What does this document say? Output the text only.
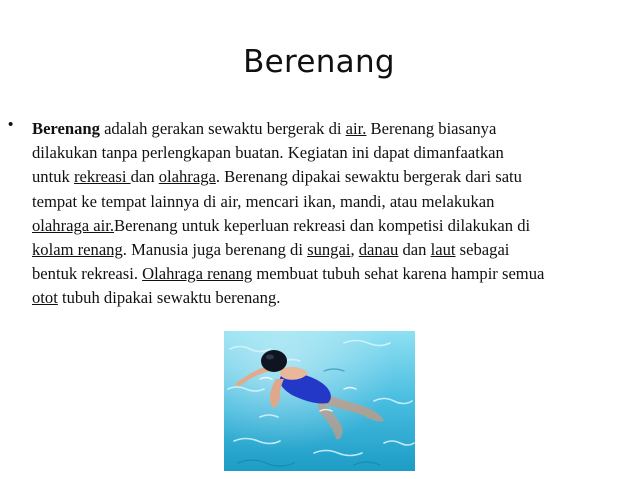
Berenang
• Berenang adalah gerakan sewaktu bergerak di air. Berenang biasanya
dilakukan tanpa perlengkapan buatan. Kegiatan ini dapat dimanfaatkan
untuk rekreasi dan olahraga. Berenang dipakai sewaktu bergerak dari satu
tempat ke tempat lainnya di air, mencari ikan, mandi, atau melakukan
olahraga air.Berenang untuk keperluan rekreasi dan kompetisi dilakukan di
kolam renang. Manusia juga berenang di sungai, danau dan laut sebagai
bentuk rekreasi. Olahraga renang membuat tubuh sehat karena hampir semua
otot tubuh dipakai sewaktu berenang.
